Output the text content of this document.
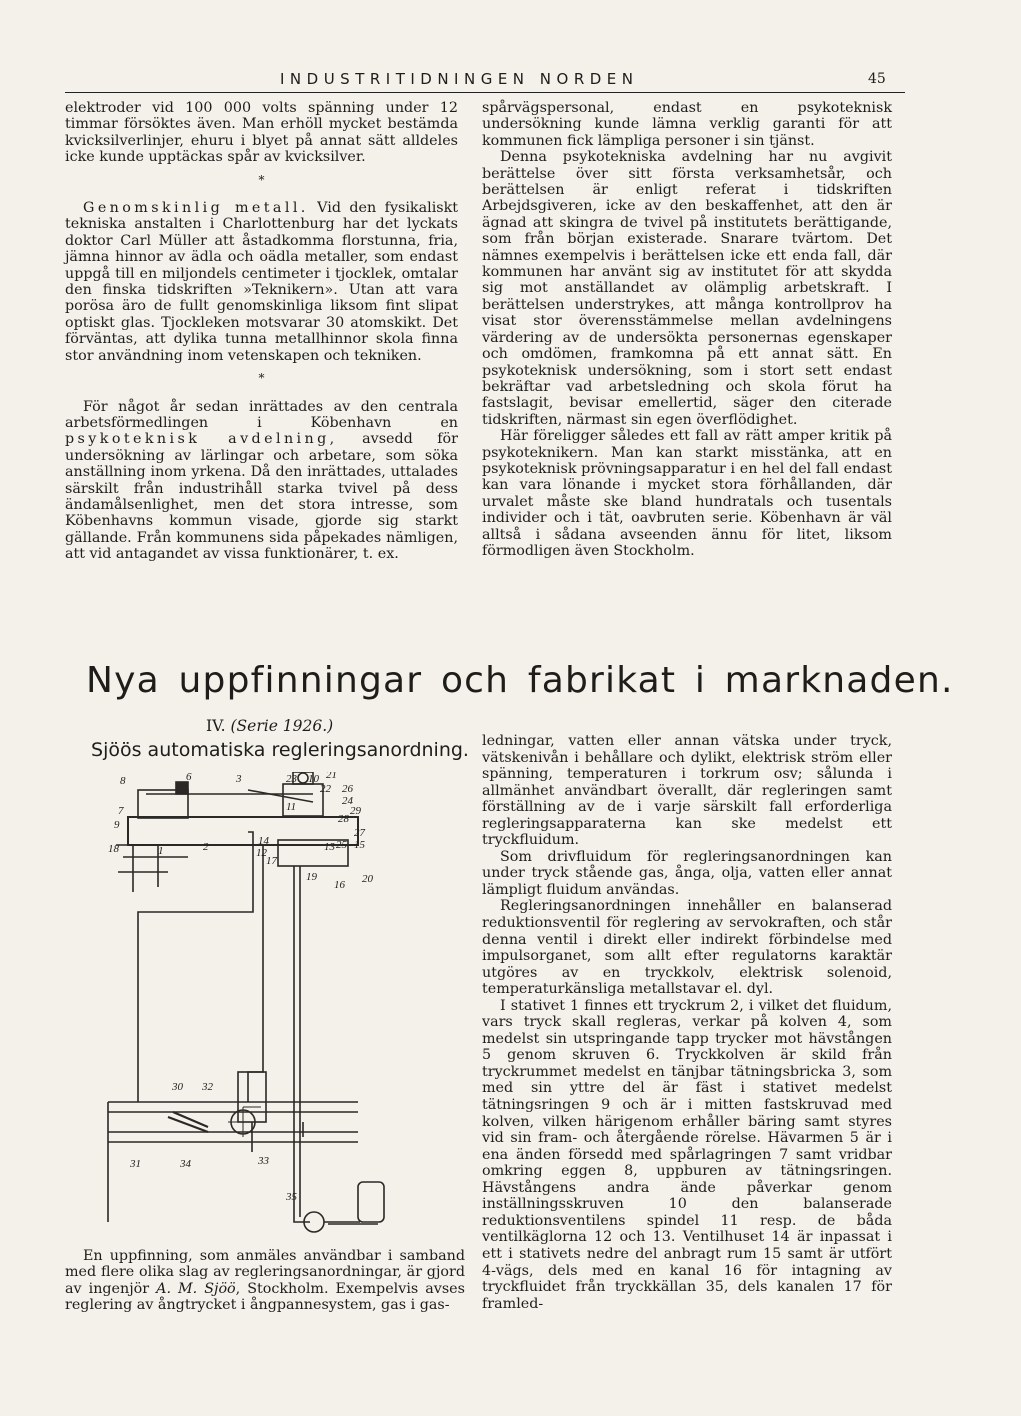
INDUSTRITIDNINGEN NORDEN	45

elektroder vid 100 000 volts spänning under 12 timmar försöktes även. Man erhöll mycket bestämda kvicksilverlinjer, ehuru i blyet på annat sätt alldeles icke kunde upptäckas spår av kvicksilver.

*

Genomskinlig metall. Vid den fysikaliskt tekniska anstalten i Charlottenburg har det lyckats doktor Carl Müller att åstadkomma florstunna, fria, jämna hinnor av ädla och oädla metaller, som endast uppgå till en miljondels centimeter i tjocklek, omtalar den finska tidskriften »Teknikern». Utan att vara porösa äro de fullt genomskinliga liksom fint slipat optiskt glas. Tjockleken motsvarar 30 atomskikt. Det förväntas, att dylika tunna metallhinnor skola finna stor användning inom vetenskapen och tekniken.

*

För något år sedan inrättades av den centrala arbetsförmedlingen i Köbenhavn en psykoteknisk avdelning, avsedd för undersökning av lärlingar och arbetare, som söka anställning inom yrkena. Då den inrättades, uttalades särskilt från industrihåll starka tvivel på dess ändamålsenlighet, men det stora intresse, som Köbenhavns kommun visade, gjorde sig starkt gällande. Från kommunens sida påpekades nämligen, att vid antagandet av vissa funktionärer, t. ex.

spårvägspersonal, endast en psykoteknisk undersökning kunde lämna verklig garanti för att kommunen fick lämpliga personer i sin tjänst.

Denna psykotekniska avdelning har nu avgivit berättelse över sitt första verksamhetsår, och berättelsen är enligt referat i tidskriften Arbejdsgiveren, icke av den beskaffenhet, att den är ägnad att skingra de tvivel på institutets berättigande, som från början existerade. Snarare tvärtom. Det nämnes exempelvis i berättelsen icke ett enda fall, där kommunen har använt sig av institutet för att skydda sig mot anställandet av olämplig arbetskraft. I berättelsen understrykes, att många kontrollprov ha visat stor överensstämmelse mellan avdelningens värdering av de undersökta personernas egenskaper och omdömen, framkomna på ett annat sätt. En psykoteknisk undersökning, som i stort sett endast bekräftar vad arbetsledning och skola förut ha fastslagit, bevisar emellertid, säger den citerade tidskriften, närmast sin egen överflödighet.

Här föreligger således ett fall av rätt amper kritik på psykoteknikern. Man kan starkt misstänka, att en psykoteknisk prövningsapparatur i en hel del fall endast kan vara lönande i mycket stora förhållanden, där urvalet måste ske bland hundratals och tusentals individer och i tät, oavbruten serie. Köbenhavn är väl alltså i sådana avseenden ännu för litet, liksom förmodligen även Stockholm.

Nya uppfinningar och fabrikat i marknaden.
IV. (Serie 1926.)
Sjöös automatiska regleringsanordning.
8	6	3	23 10 21
22 26
24
29
7	11
28
9
18	1	2	14
12
27
13 25 15
17
19
16 20
32
30
31	34	33
35
En uppfinning, som anmäles användbar i samband med flere olika slag av regleringsanordningar, är gjord av ingenjör A. M. Sjöö, Stockholm. Exempelvis avses reglering av ångtrycket i ångpannesystem, gas i gas-

ledningar, vatten eller annan vätska under tryck, vätskenivån i behållare och dylikt, elektrisk ström eller spänning, temperaturen i torkrum osv; sålunda i allmänhet användbart överallt, där regleringen samt förställning av de i varje särskilt fall erforderliga regleringsapparaterna kan ske medelst ett tryckfluidum.

Som drivfluidum för regleringsanordningen kan under tryck stående gas, ånga, olja, vatten eller annat lämpligt fluidum användas.

Regleringsanordningen innehåller en balanserad reduktionsventil för reglering av servokraften, och står denna ventil i direkt eller indirekt förbindelse med impulsorganet, som allt efter regulatorns karaktär utgöres av en tryckkolv, elektrisk solenoid, temperaturkänsliga metallstavar el. dyl.

I stativet 1 finnes ett tryckrum 2, i vilket det fluidum, vars tryck skall regleras, verkar på kolven 4, som medelst sin utspringande tapp trycker mot hävstången 5 genom skruven 6. Tryckkolven är skild från tryckrummet medelst en tänjbar tätningsbricka 3, som med sin yttre del är fäst i stativet medelst tätningsringen 9 och är i mitten fastskruvad med kolven, vilken härigenom erhåller bäring samt styres vid sin fram- och återgående rörelse. Hävarmen 5 är i ena änden försedd med spårlagringen 7 samt vridbar omkring eggen 8, uppburen av tätningsringen. Hävstångens andra ände påverkar genom inställningsskruven 10 den balanserade reduktionsventilens spindel 11 resp. de båda ventilkäglorna 12 och 13. Ventilhuset 14 är inpassat i ett i stativets nedre del anbragt rum 15 samt är utfört 4-vägs, dels med en kanal 16 för intagning av tryckfluidet från tryckkällan 35, dels kanalen 17 för framled-
